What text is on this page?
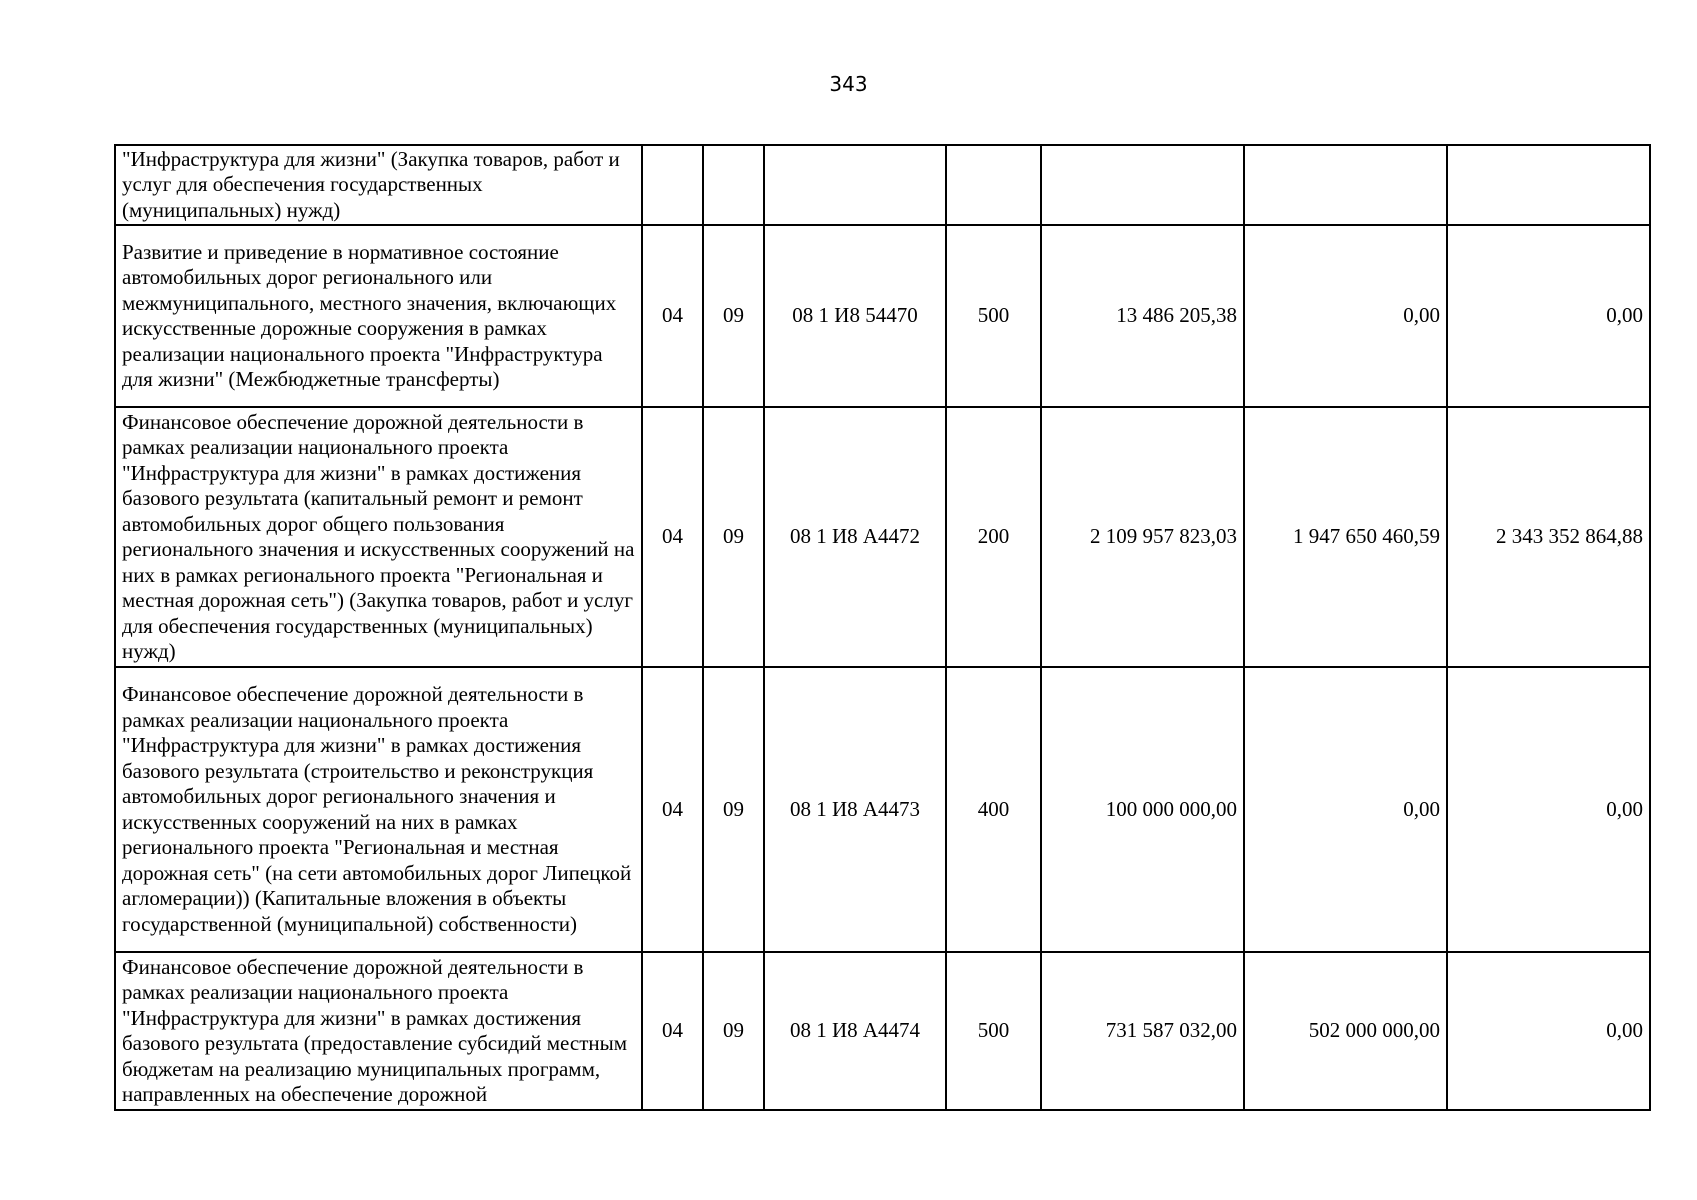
343
"Инфраструктура для жизни" (Закупка товаров, работ и услуг для обеспечения государственных (муниципальных) нужд)							
Развитие и приведение в нормативное состояние автомобильных дорог регионального или межмуниципального, местного значения, включающих искусственные дорожные сооружения в рамках реализации национального проекта "Инфраструктура для жизни" (Межбюджетные трансферты)	04	09	08 1 И8 54470	500	13 486 205,38	0,00	0,00
Финансовое обеспечение дорожной деятельности в рамках реализации национального проекта "Инфраструктура для жизни" в рамках достижения базового результата (капитальный ремонт и ремонт автомобильных дорог общего пользования регионального значения и искусственных сооружений на них в рамках регионального проекта "Региональная и местная дорожная сеть") (Закупка товаров, работ и услуг для обеспечения государственных (муниципальных) нужд)	04	09	08 1 И8 А4472	200	2 109 957 823,03	1 947 650 460,59	2 343 352 864,88
Финансовое обеспечение дорожной деятельности в рамках реализации национального проекта "Инфраструктура для жизни" в рамках достижения базового результата (строительство и реконструкция автомобильных дорог регионального значения и искусственных сооружений на них в рамках регионального проекта "Региональная и местная дорожная сеть" (на сети автомобильных дорог Липецкой агломерации)) (Капитальные вложения в объекты государственной (муниципальной) собственности)	04	09	08 1 И8 А4473	400	100 000 000,00	0,00	0,00
Финансовое обеспечение дорожной деятельности в рамках реализации национального проекта "Инфраструктура для жизни" в рамках достижения базового результата (предоставление субсидий местным бюджетам на реализацию муниципальных программ, направленных на обеспечение дорожной	04	09	08 1 И8 А4474	500	731 587 032,00	502 000 000,00	0,00
